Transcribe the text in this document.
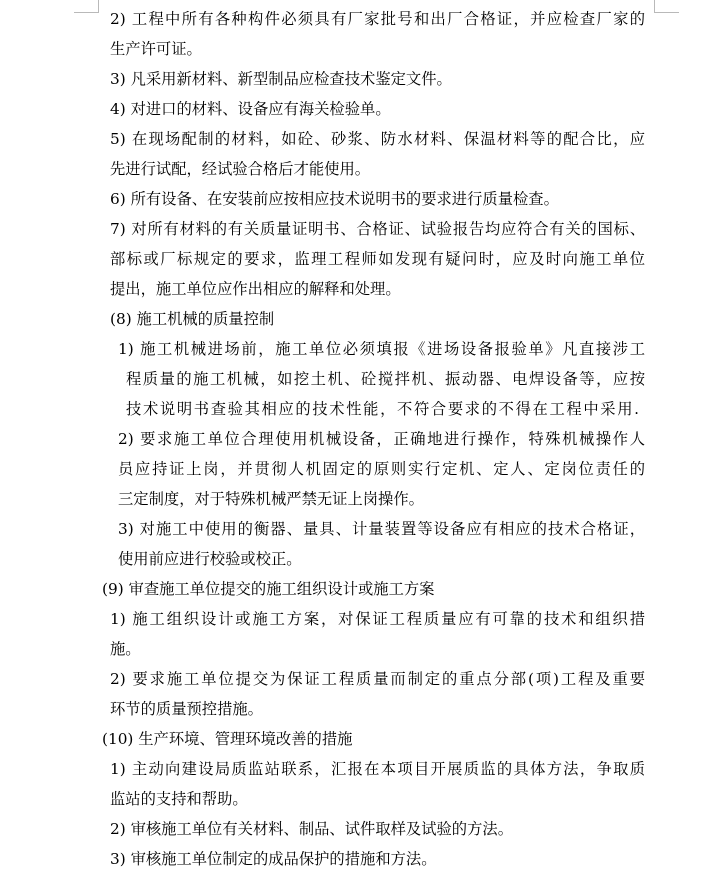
2) 工程中所有各种构件必须具有厂家批号和出厂合格证，并应检查厂家的
生产许可证。
3) 凡采用新材料、新型制品应检查技术鉴定文件。
4) 对进口的材料、设备应有海关检验单。
5) 在现场配制的材料，如砼、砂浆、防水材料、保温材料等的配合比，应
先进行试配，经试验合格后才能使用。
6) 所有设备、在安装前应按相应技术说明书的要求进行质量检查。
7) 对所有材料的有关质量证明书、合格证、试验报告均应符合有关的国标、
部标或厂标规定的要求，监理工程师如发现有疑问时，应及时向施工单位
提出，施工单位应作出相应的解释和处理。
(8) 施工机械的质量控制
1) 施工机械进场前，施工单位必须填报《进场设备报验单》凡直接涉工
程质量的施工机械，如挖土机、砼搅拌机、振动器、电焊设备等，应按
技术说明书查验其相应的技术性能，不符合要求的不得在工程中采用.
2) 要求施工单位合理使用机械设备，正确地进行操作，特殊机械操作人
员应持证上岗，并贯彻人机固定的原则实行定机、定人、定岗位责任的
三定制度，对于特殊机械严禁无证上岗操作。
3) 对施工中使用的衡器、量具、计量装置等设备应有相应的技术合格证，
使用前应进行校验或校正。
(9) 审查施工单位提交的施工组织设计或施工方案
1) 施工组织设计或施工方案，对保证工程质量应有可靠的技术和组织措
施。
2) 要求施工单位提交为保证工程质量而制定的重点分部(项)工程及重要
环节的质量预控措施。
(10) 生产环境、管理环境改善的措施
1) 主动向建设局质监站联系，汇报在本项目开展质监的具体方法，争取质
监站的支持和帮助。
2) 审核施工单位有关材料、制品、试件取样及试验的方法。
3) 审核施工单位制定的成品保护的措施和方法。
